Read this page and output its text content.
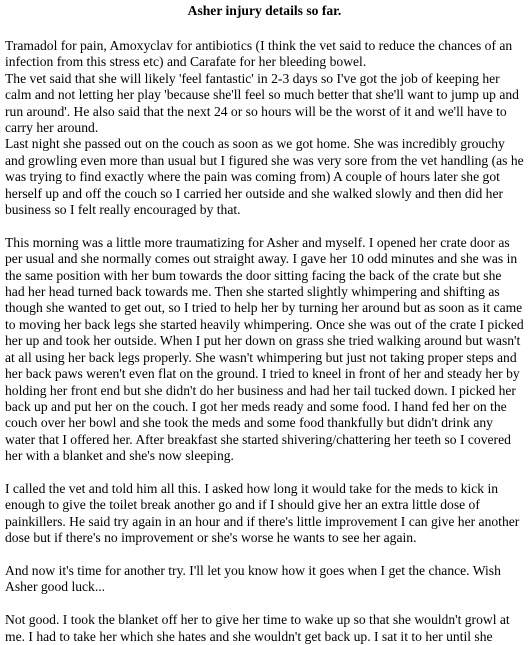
Asher injury details so far.

Tramadol for pain, Amoxyclav for antibiotics (I think the vet said to reduce the chances of an infection from this stress etc) and Carafate for her bleeding bowel.

The vet said that she will likely 'feel fantastic' in 2-3 days so I've got the job of keeping her calm and not letting her play 'because she'll feel so much better that she'll want to jump up and run around'. He also said that the next 24 or so hours will be the worst of it and we'll have to carry her around.

Last night she passed out on the couch as soon as we got home. She was incredibly grouchy and growling even more than usual but I figured she was very sore from the vet handling (as he was trying to find exactly where the pain was coming from) A couple of hours later she got herself up and off the couch so I carried her outside and she walked slowly and then did her business so I felt really encouraged by that.

This morning was a little more traumatizing for Asher and myself. I opened her crate door as per usual and she normally comes out straight away. I gave her 10 odd minutes and she was in the same position with her bum towards the door sitting facing the back of the crate but she had her head turned back towards me. Then she started slightly whimpering and shifting as though she wanted to get out, so I tried to help her by turning her around but as soon as it came to moving her back legs she started heavily whimpering. Once she was out of the crate I picked her up and took her outside. When I put her down on grass she tried walking around but wasn't at all using her back legs properly. She wasn't whimpering but just not taking proper steps and her back paws weren't even flat on the ground. I tried to kneel in front of her and steady her by holding her front end but she didn't do her business and had her tail tucked down. I picked her back up and put her on the couch. I got her meds ready and some food. I hand fed her on the couch over her bowl and she took the meds and some food thankfully but didn't drink any water that I offered her. After breakfast she started shivering/chattering her teeth so I covered her with a blanket and she's now sleeping.

I called the vet and told him all this. I asked how long it would take for the meds to kick in enough to give the toilet break another go and if I should give her an extra little dose of painkillers. He said try again in an hour and if there's little improvement I can give her another dose but if there's no improvement or she's worse he wants to see her again.

And now it's time for another try. I'll let you know how it goes when I get the chance. Wish Asher good luck...

Not good. I took the blanket off her to give her time to wake up so that she wouldn't growl at me. I had to take her which she hates and she wouldn't get back up. I sat it to her until she
